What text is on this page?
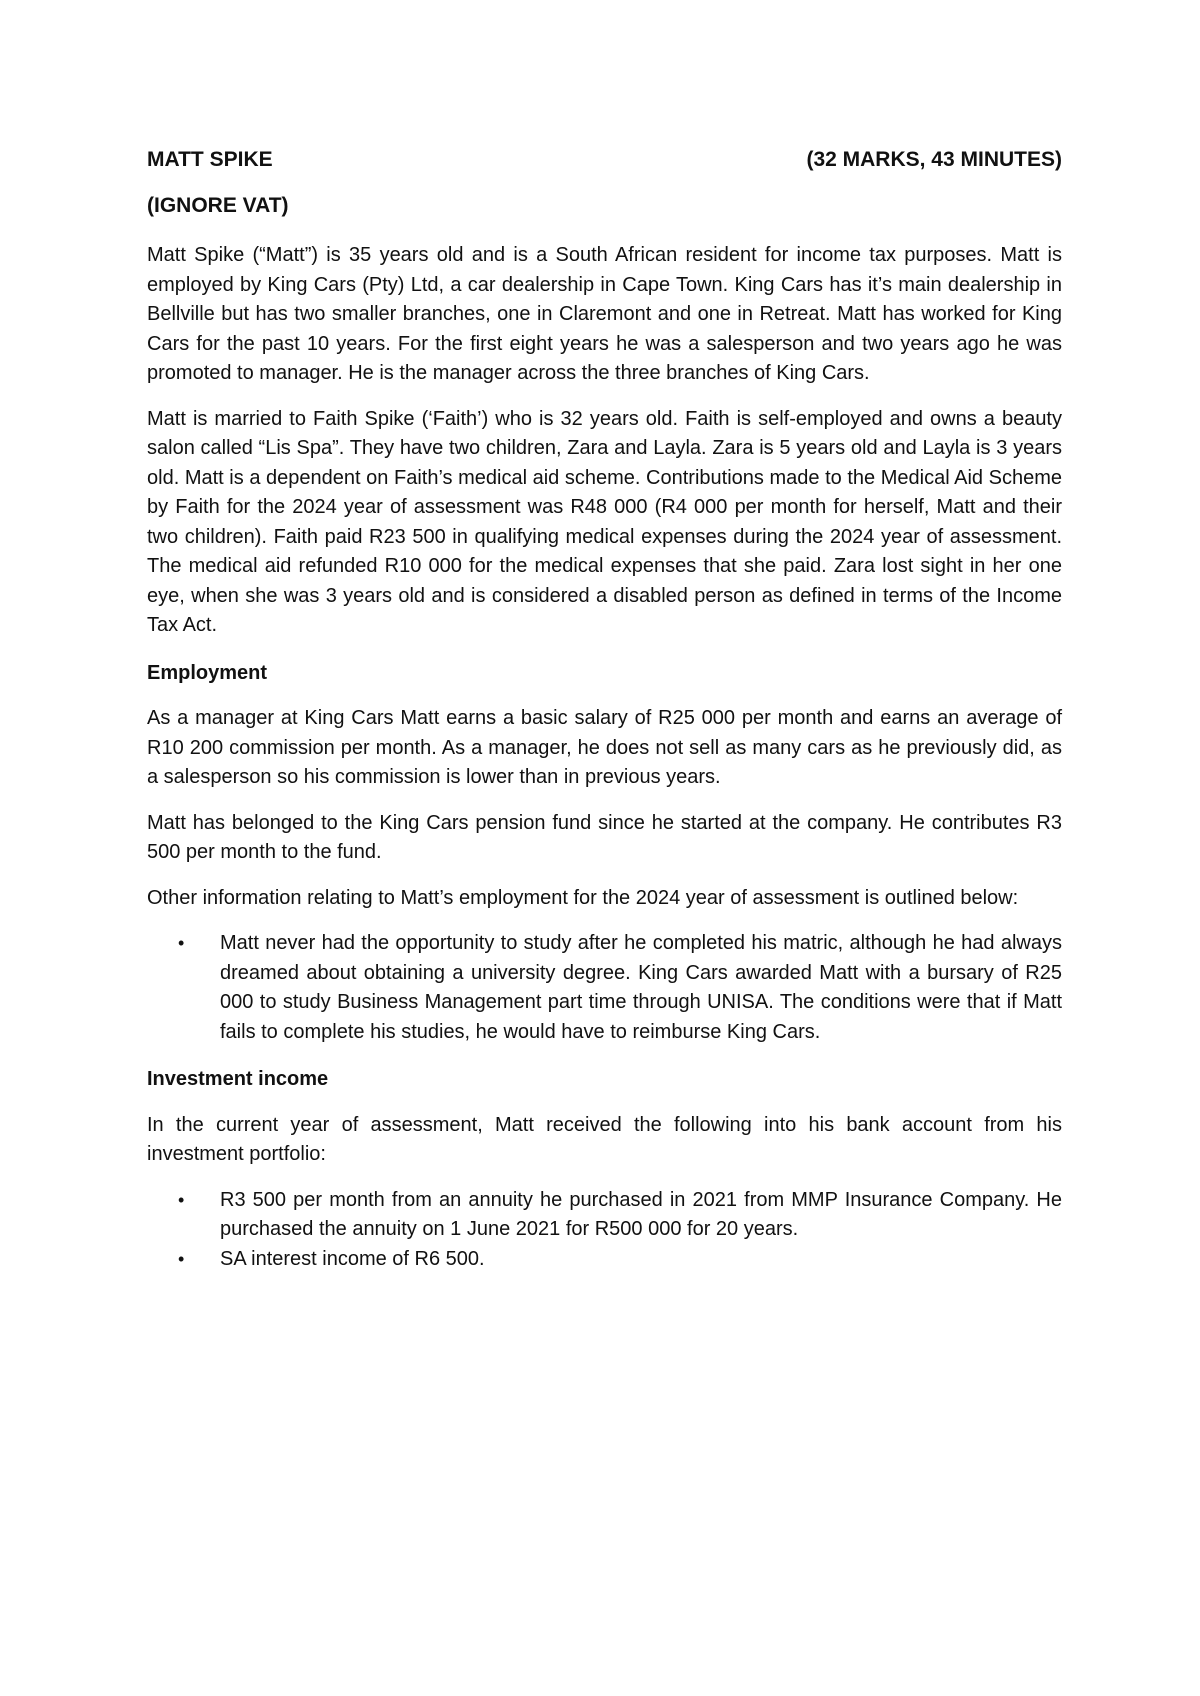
MATT SPIKE	(32 MARKS, 43 MINUTES)
(IGNORE VAT)

Matt Spike (“Matt”) is 35 years old and is a South African resident for income tax purposes. Matt is employed by King Cars (Pty) Ltd, a car dealership in Cape Town. King Cars has it’s main dealership in Bellville but has two smaller branches, one in Claremont and one in Retreat. Matt has worked for King Cars for the past 10 years. For the first eight years he was a salesperson and two years ago he was promoted to manager. He is the manager across the three branches of King Cars.

Matt is married to Faith Spike (‘Faith’) who is 32 years old. Faith is self-employed and owns a beauty salon called “Lis Spa”. They have two children, Zara and Layla. Zara is 5 years old and Layla is 3 years old. Matt is a dependent on Faith’s medical aid scheme. Contributions made to the Medical Aid Scheme by Faith for the 2024 year of assessment was R48 000 (R4 000 per month for herself, Matt and their two children). Faith paid R23 500 in qualifying medical expenses during the 2024 year of assessment. The medical aid refunded R10 000 for the medical expenses that she paid. Zara lost sight in her one eye, when she was 3 years old and is considered a disabled person as defined in terms of the Income Tax Act.

Employment

As a manager at King Cars Matt earns a basic salary of R25 000 per month and earns an average of R10 200 commission per month. As a manager, he does not sell as many cars as he previously did, as a salesperson so his commission is lower than in previous years.

Matt has belonged to the King Cars pension fund since he started at the company. He contributes R3 500 per month to the fund.

Other information relating to Matt’s employment for the 2024 year of assessment is outlined below:

• Matt never had the opportunity to study after he completed his matric, although he had always dreamed about obtaining a university degree. King Cars awarded Matt with a bursary of R25 000 to study Business Management part time through UNISA. The conditions were that if Matt fails to complete his studies, he would have to reimburse King Cars.
Investment income

In the current year of assessment, Matt received the following into his bank account from his investment portfolio:

• R3 500 per month from an annuity he purchased in 2021 from MMP Insurance Company. He purchased the annuity on 1 June 2021 for R500 000 for 20 years.
• SA interest income of R6 500.
